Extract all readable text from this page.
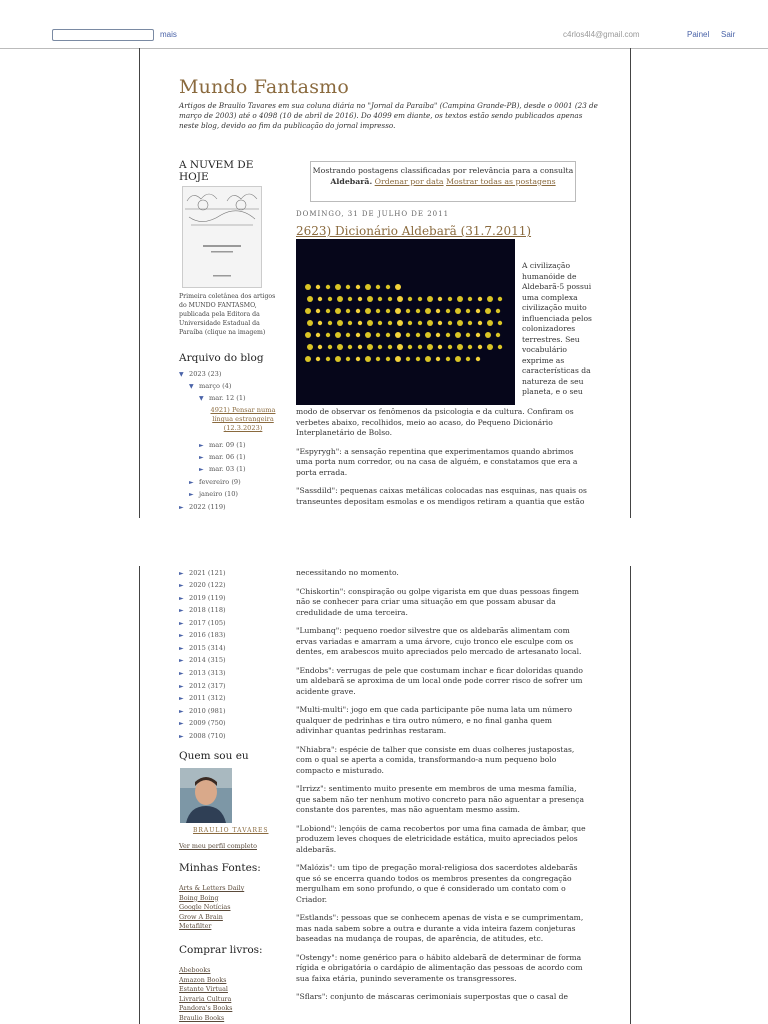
mais	c4rlos4l4@gmail.com	Painel Sair
Mundo Fantasmo
Artigos de Braulio Tavares em sua coluna diária no "Jornal da Paraíba" (Campina Grande-PB), desde o 0001 (23 de março de 2003) até o 4098 (10 de abril de 2016). Do 4099 em diante, os textos estão sendo publicados apenas neste blog, devido ao fim da publicação do jornal impresso.
A NUVEM DE HOJE
Primeira coletânea dos artigos do MUNDO FANTASMO, publicada pela Editora da Universidade Estadual da Paraíba (clique na imagem)
Arquivo do blog
▼ 2023 (23)
▼ março (4)
▼ mar. 12 (1)
4921) Pensar numa língua estrangeira (12.3.2023)
► mar. 09 (1)
► mar. 06 (1)
► mar. 03 (1)
► fevereiro (9)
► janeiro (10)
► 2022 (119)
Mostrando postagens classificadas por relevância para a consulta Aldebarã. Ordenar por data Mostrar todas as postagens
DOMINGO, 31 DE JULHO DE 2011
2623) Dicionário Aldebarã (31.7.2011)
A civilização humanóide de Aldebarã-5 possui uma complexa civilização muito influenciada pelos colonizadores terrestres. Seu vocabulário exprime as características da natureza de seu planeta, e o seu

modo de observar os fenômenos da psicologia e da cultura. Confiram os verbetes abaixo, recolhidos, meio ao acaso, do Pequeno Dicionário Interplanetário de Bolso.

"Espyrygh": a sensação repentina que experimentamos quando abrimos uma porta num corredor, ou na casa de alguém, e constatamos que era a porta errada.

"Sassdild": pequenas caixas metálicas colocadas nas esquinas, nas quais os transeuntes depositam esmolas e os mendigos retiram a quantia que estão

necessitando no momento.

"Chiskortin": conspiração ou golpe vigarista em que duas pessoas fingem não se conhecer para criar uma situação em que possam abusar da credulidade de uma terceira.

"Lumbanq": pequeno roedor silvestre que os aldebarãs alimentam com ervas variadas e amarram a uma árvore, cujo tronco ele esculpe com os dentes, em arabescos muito apreciados pelo mercado de artesanato local.

"Endobs": verrugas de pele que costumam inchar e ficar doloridas quando um aldebarã se aproxima de um local onde pode correr risco de sofrer um acidente grave.

"Multi-multi": jogo em que cada participante põe numa lata um número qualquer de pedrinhas e tira outro número, e no final ganha quem adivinhar quantas pedrinhas restaram.

"Nhiabra": espécie de talher que consiste em duas colheres justapostas, com o qual se aperta a comida, transformando-a num pequeno bolo compacto e misturado.

"Irrizz": sentimento muito presente em membros de uma mesma família, que sabem não ter nenhum motivo concreto para não aguentar a presença constante dos parentes, mas não aguentam mesmo assim.

"Lobiond": lençóis de cama recobertos por uma fina camada de âmbar, que produzem leves choques de eletricidade estática, muito apreciados pelos aldebarãs.

"Malózis": um tipo de pregação moral-religiosa dos sacerdotes aldebarãs que só se encerra quando todos os membros presentes da congregação mergulham em sono profundo, o que é considerado um contato com o Criador.

"Estlands": pessoas que se conhecem apenas de vista e se cumprimentam, mas nada sabem sobre a outra e durante a vida inteira fazem conjeturas baseadas na mudança de roupas, de aparência, de atitudes, etc.

"Ostengy": nome genérico para o hábito aldebarã de determinar de forma rígida e obrigatória o cardápio de alimentação das pessoas de acordo com sua faixa etária, punindo severamente os transgressores.

"Sflars": conjunto de máscaras cerimoniais superpostas que o casal de

► 2021 (121)
► 2020 (122)
► 2019 (119)
► 2018 (118)
► 2017 (105)
► 2016 (183)
► 2015 (314)
► 2014 (315)
► 2013 (313)
► 2012 (317)
► 2011 (312)
► 2010 (981)
► 2009 (750)
► 2008 (710)
Quem sou eu
BRAULIO TAVARES
Ver meu perfil completo
Minhas Fontes:
Arts & Letters Daily
Boing Boing
Google Notícias
Grow A Brain
Metafilter
Comprar livros:
Abebooks
Amazon Books
Estante Virtual
Livraria Cultura
Pandora's Books
Braulio Books
